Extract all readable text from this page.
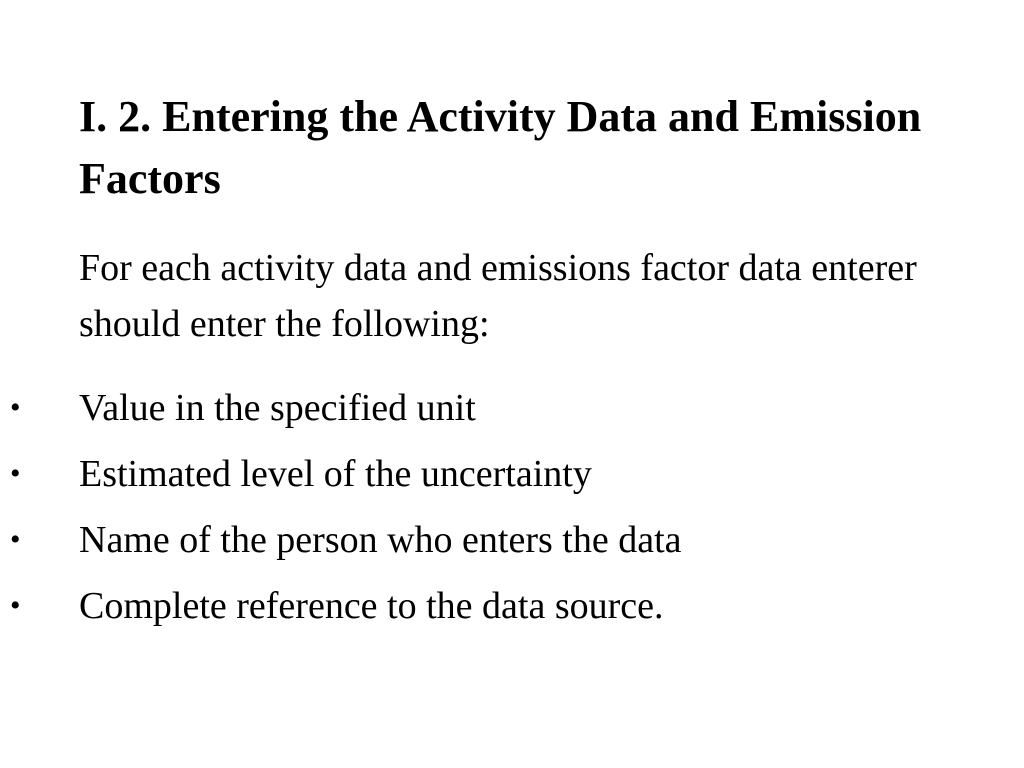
I. 2. Entering the Activity Data and Emission Factors

For each activity data and emissions factor data enterer should enter the following:

• Value in the specified unit
• Estimated level of the uncertainty
• Name of the person who enters the data
• Complete reference to the data source.
